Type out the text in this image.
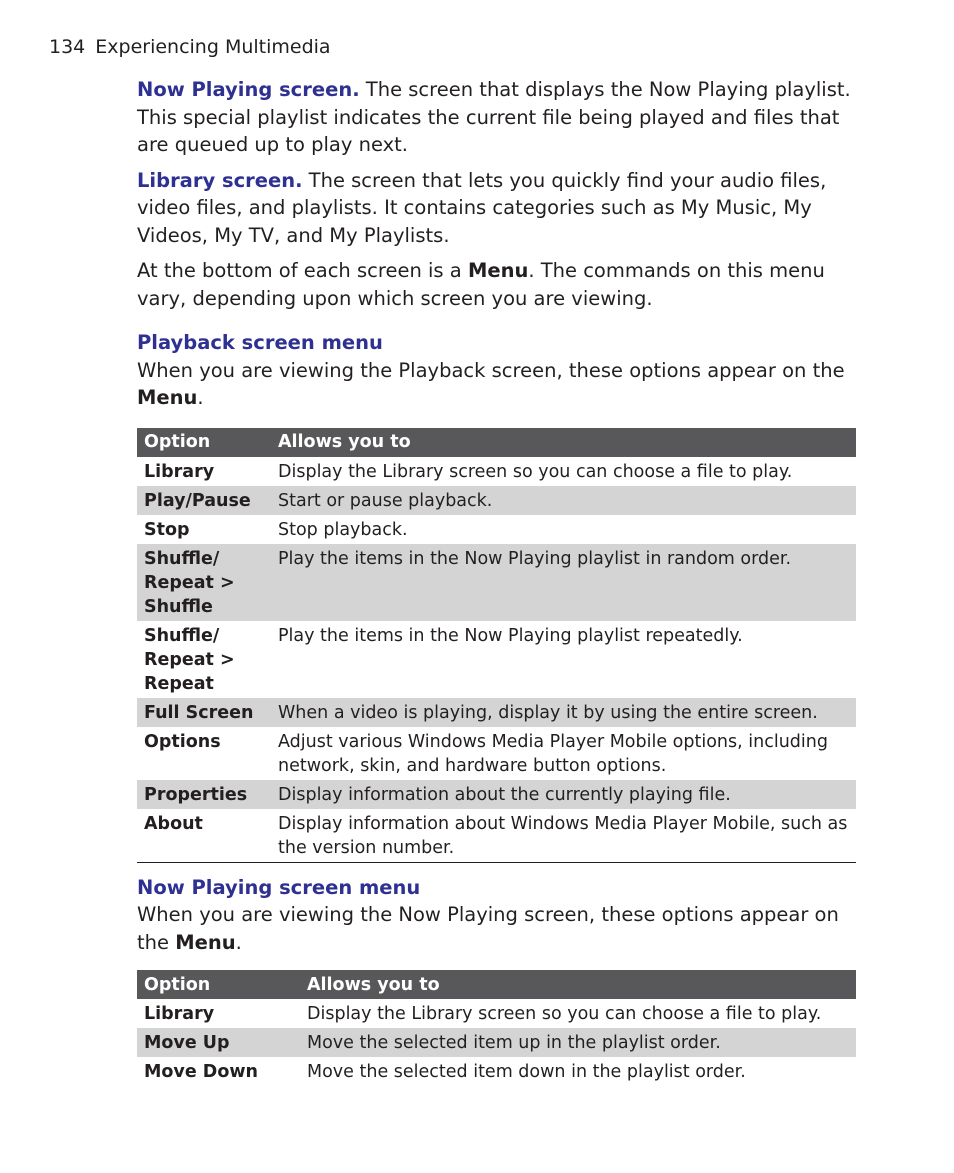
134 Experiencing Multimedia

Now Playing screen. The screen that displays the Now Playing playlist. This special playlist indicates the current file being played and files that are queued up to play next.

Library screen. The screen that lets you quickly find your audio files, video files, and playlists. It contains categories such as My Music, My Videos, My TV, and My Playlists.

At the bottom of each screen is a Menu. The commands on this menu vary, depending upon which screen you are viewing.

Playback screen menu

When you are viewing the Playback screen, these options appear on the Menu.

Option	Allows you to
Library	Display the Library screen so you can choose a file to play.
Play/Pause	Start or pause playback.
Stop	Stop playback.
Shuffle/
Repeat >
Shuffle	Play the items in the Now Playing playlist in random order.
Shuffle/
Repeat >
Repeat	Play the items in the Now Playing playlist repeatedly.
Full Screen	When a video is playing, display it by using the entire screen.
Options	Adjust various Windows Media Player Mobile options, including
network, skin, and hardware button options.
Properties	Display information about the currently playing file.
About	Display information about Windows Media Player Mobile, such as
the version number.
Now Playing screen menu

When you are viewing the Now Playing screen, these options appear on the Menu.

Option	Allows you to
Library	Display the Library screen so you can choose a file to play.
Move Up	Move the selected item up in the playlist order.
Move Down	Move the selected item down in the playlist order.
